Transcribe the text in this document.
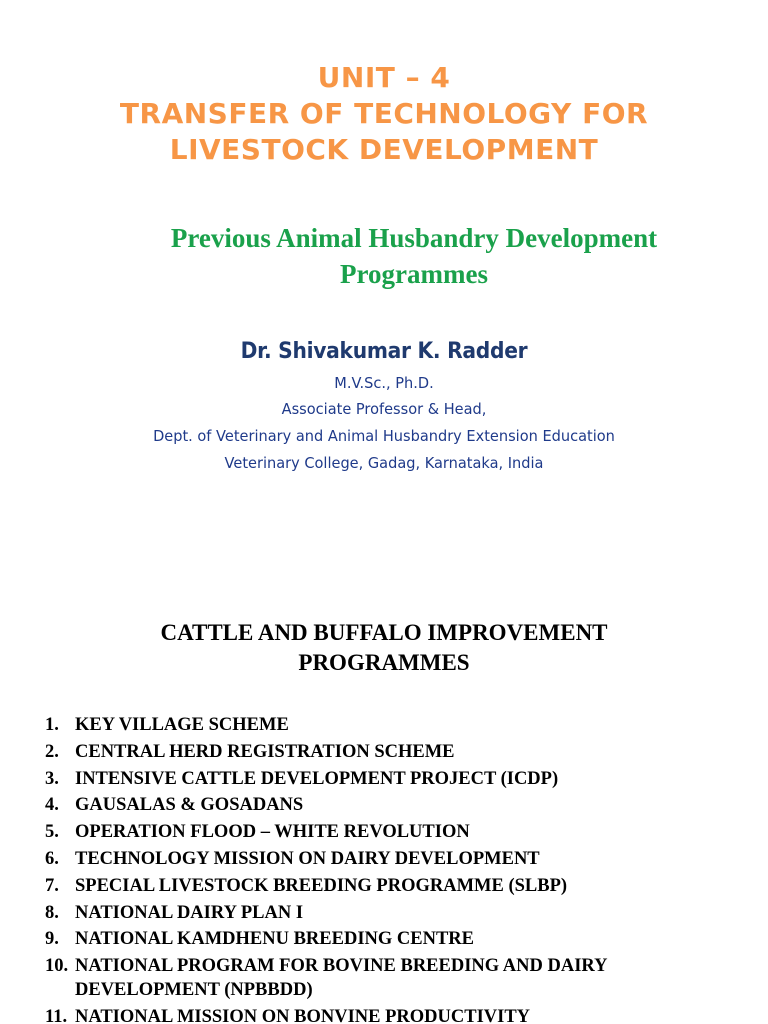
UNIT – 4
TRANSFER OF TECHNOLOGY FOR
LIVESTOCK DEVELOPMENT
Previous Animal Husbandry Development
Programmes
Dr. Shivakumar K. Radder
M.V.Sc., Ph.D.
Associate Professor & Head,
Dept. of Veterinary and Animal Husbandry Extension Education
Veterinary College, Gadag, Karnataka, India
CATTLE AND BUFFALO IMPROVEMENT
PROGRAMMES
1. KEY VILLAGE SCHEME
2. CENTRAL HERD REGISTRATION SCHEME
3. INTENSIVE CATTLE DEVELOPMENT PROJECT (ICDP)
4. GAUSALAS & GOSADANS
5. OPERATION FLOOD – WHITE REVOLUTION
6. TECHNOLOGY MISSION ON DAIRY DEVELOPMENT
7. SPECIAL LIVESTOCK BREEDING PROGRAMME (SLBP)
8. NATIONAL DAIRY PLAN I
9. NATIONAL KAMDHENU BREEDING CENTRE
10. NATIONAL PROGRAM FOR BOVINE BREEDING AND DAIRY DEVELOPMENT (NPBBDD)
11. NATIONAL MISSION ON BONVINE PRODUCTIVITY
